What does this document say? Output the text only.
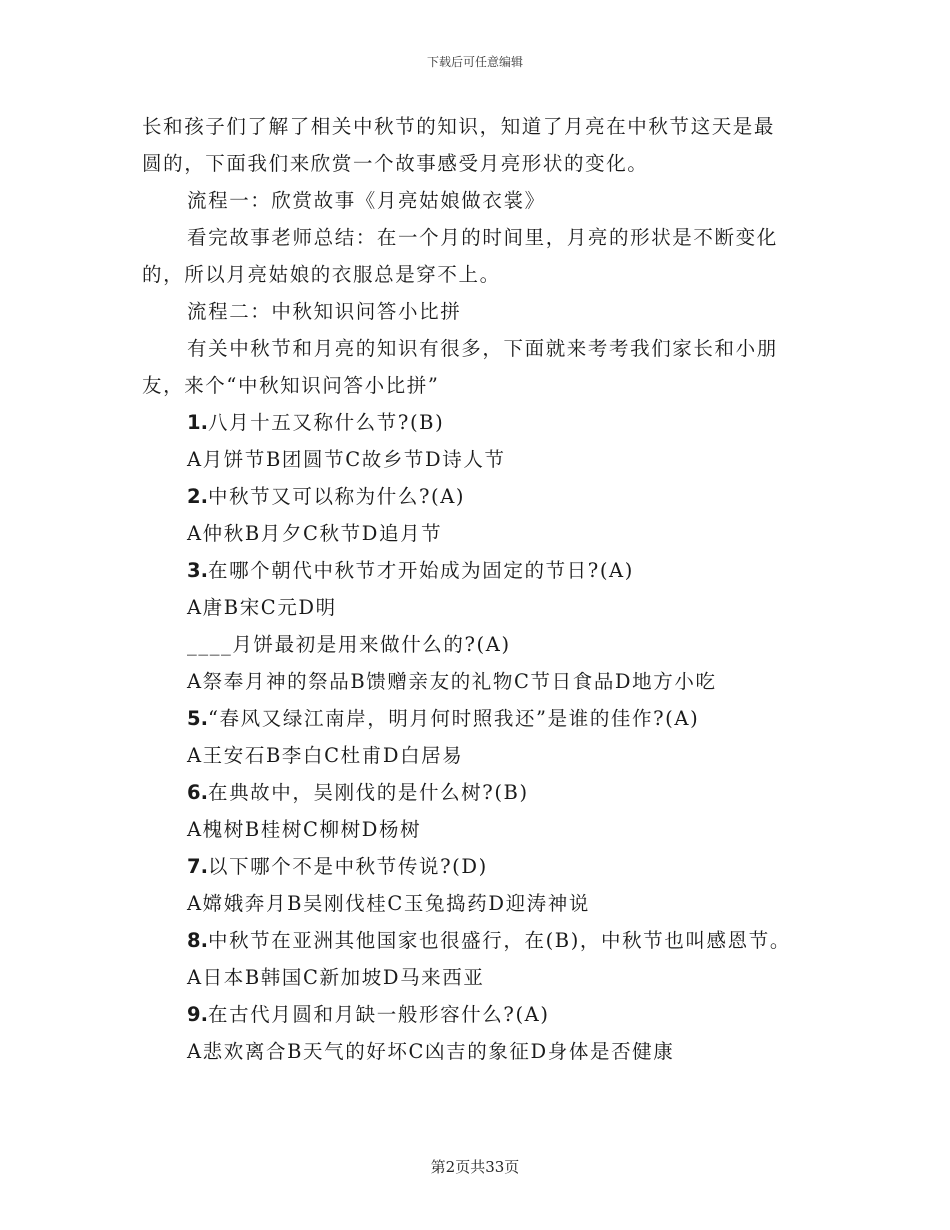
下载后可任意编辑
长和孩子们了解了相关中秋节的知识，知道了月亮在中秋节这天是最
圆的，下面我们来欣赏一个故事感受月亮形状的变化。
流程一：欣赏故事《月亮姑娘做衣裳》
看完故事老师总结：在一个月的时间里，月亮的形状是不断变化
的，所以月亮姑娘的衣服总是穿不上。
流程二：中秋知识问答小比拼
有关中秋节和月亮的知识有很多，下面就来考考我们家长和小朋
友，来个“中秋知识问答小比拼”
1.八月十五又称什么节?(B)
A月饼节B团圆节C故乡节D诗人节
2.中秋节又可以称为什么?(A)
A仲秋B月夕C秋节D追月节
3.在哪个朝代中秋节才开始成为固定的节日?(A)
A唐B宋C元D明
____月饼最初是用来做什么的?(A)
A祭奉月神的祭品B馈赠亲友的礼物C节日食品D地方小吃
5.“春风又绿江南岸，明月何时照我还”是谁的佳作?(A)
A王安石B李白C杜甫D白居易
6.在典故中，吴刚伐的是什么树?(B)
A槐树B桂树C柳树D杨树
7.以下哪个不是中秋节传说?(D)
A嫦娥奔月B吴刚伐桂C玉兔捣药D迎涛神说
8.中秋节在亚洲其他国家也很盛行，在(B)，中秋节也叫感恩节。
A日本B韩国C新加坡D马来西亚
9.在古代月圆和月缺一般形容什么?(A)
A悲欢离合B天气的好坏C凶吉的象征D身体是否健康
第2页共33页
